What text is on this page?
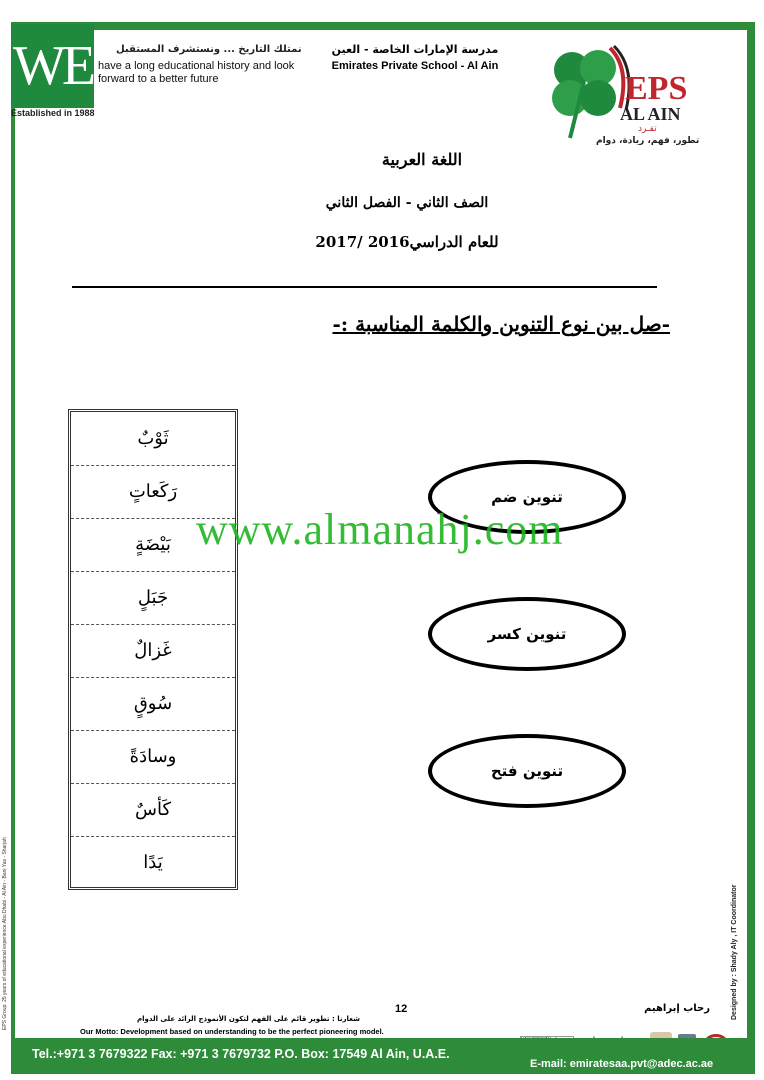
WE
Established in 1988
نمتلك التاريخ ... ونستشرف المستقبل
have a long educational history and look forward to a better future
مدرسة الإمارات الخاصة - العين
Emirates Private School - Al Ain
EPS
AL AIN
تفـرد
تطور، فهم، ريادة، دوام
اللغة العربية
الصف الثاني - الفصل الثاني
للعام الدراسي2016 /2017
-صل بين نوع التنوين والكلمة المناسبة :-
ثَوْبٌ
رَكَعاتٍ
بَيْضَةٍ
جَبَلٍ
غَزالٌ
سُوقٍ
وسادَةً
كَأسٌ
يَدًا
تنوين ضم
تنوين كسر
تنوين فتح
www.almanahj.com
EPS Group: 25 years of educational experience Abu Dhabi - Al Ain - Bani Yas - Sharjah	Designed by : Shady Aly , IT Coordinator
12	رحاب إبراهيم
شعارنا : تطوير قائم على الفهم لتكون الأنموذج الرائد على الدوام
Our Motto: Development based on understanding to be the perfect pioneering model.
Tel.:+971 3 7679322 Fax: +971 3 7679732 P.O. Box: 17549 Al Ain, U.A.E.
E-mail: emiratesaa.pvt@adec.ac.ae
